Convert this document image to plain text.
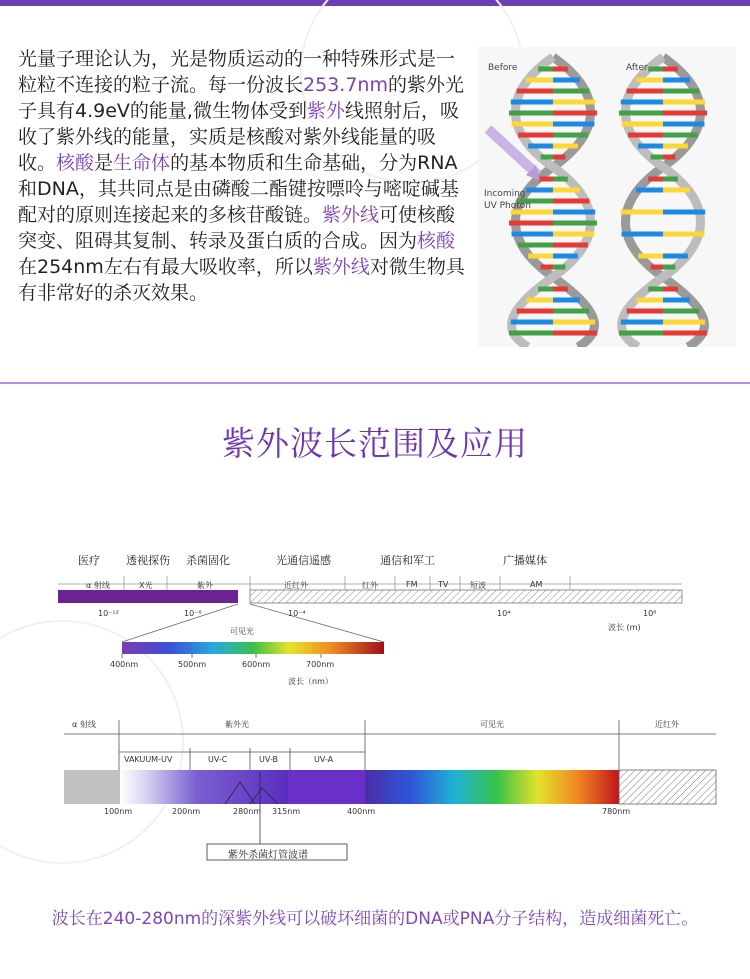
光量子理论认为，光是物质运动的一种特殊形式是一粒粒不连接的粒子流。每一份波长253.7nm的紫外光子具有4.9eV的能量,微生物体受到紫外线照射后，吸收了紫外线的能量，实质是核酸对紫外线能量的吸收。核酸是生命体的基本物质和生命基础，分为RNA和DNA，其共同点是由磷酸二酯键按嘌呤与嘧啶碱基配对的原则连接起来的多核苷酸链。紫外线可使核酸突变、阻碍其复制、转录及蛋白质的合成。因为核酸在254nm左右有最大吸收率，所以紫外线对微生物具有非常好的杀灭效果。
Before	After
Incoming
UV Photon
紫外波长范围及应用
医疗 透视探伤 杀菌固化	光通信遥感	通信和军工	广播媒体
α 射线	X光	紫外	近红外	红外	FM	TV	短波	AM
10⁻¹²	10⁻⁸	10⁻⁴	10⁴	10⁸
波长 (m)
可见光
400nm	500nm	600nm	700nm
波长（nm）
α 射线	紫外光	可见光	近红外
VAKUUM-UV	UV-C	UV-B	UV-A
100nm	200nm	280nm 315nm	400nm	780nm
紫外杀菌灯管波谱
波长在240-280nm的深紫外线可以破坏细菌的DNA或PNA分子结构，造成细菌死亡。
